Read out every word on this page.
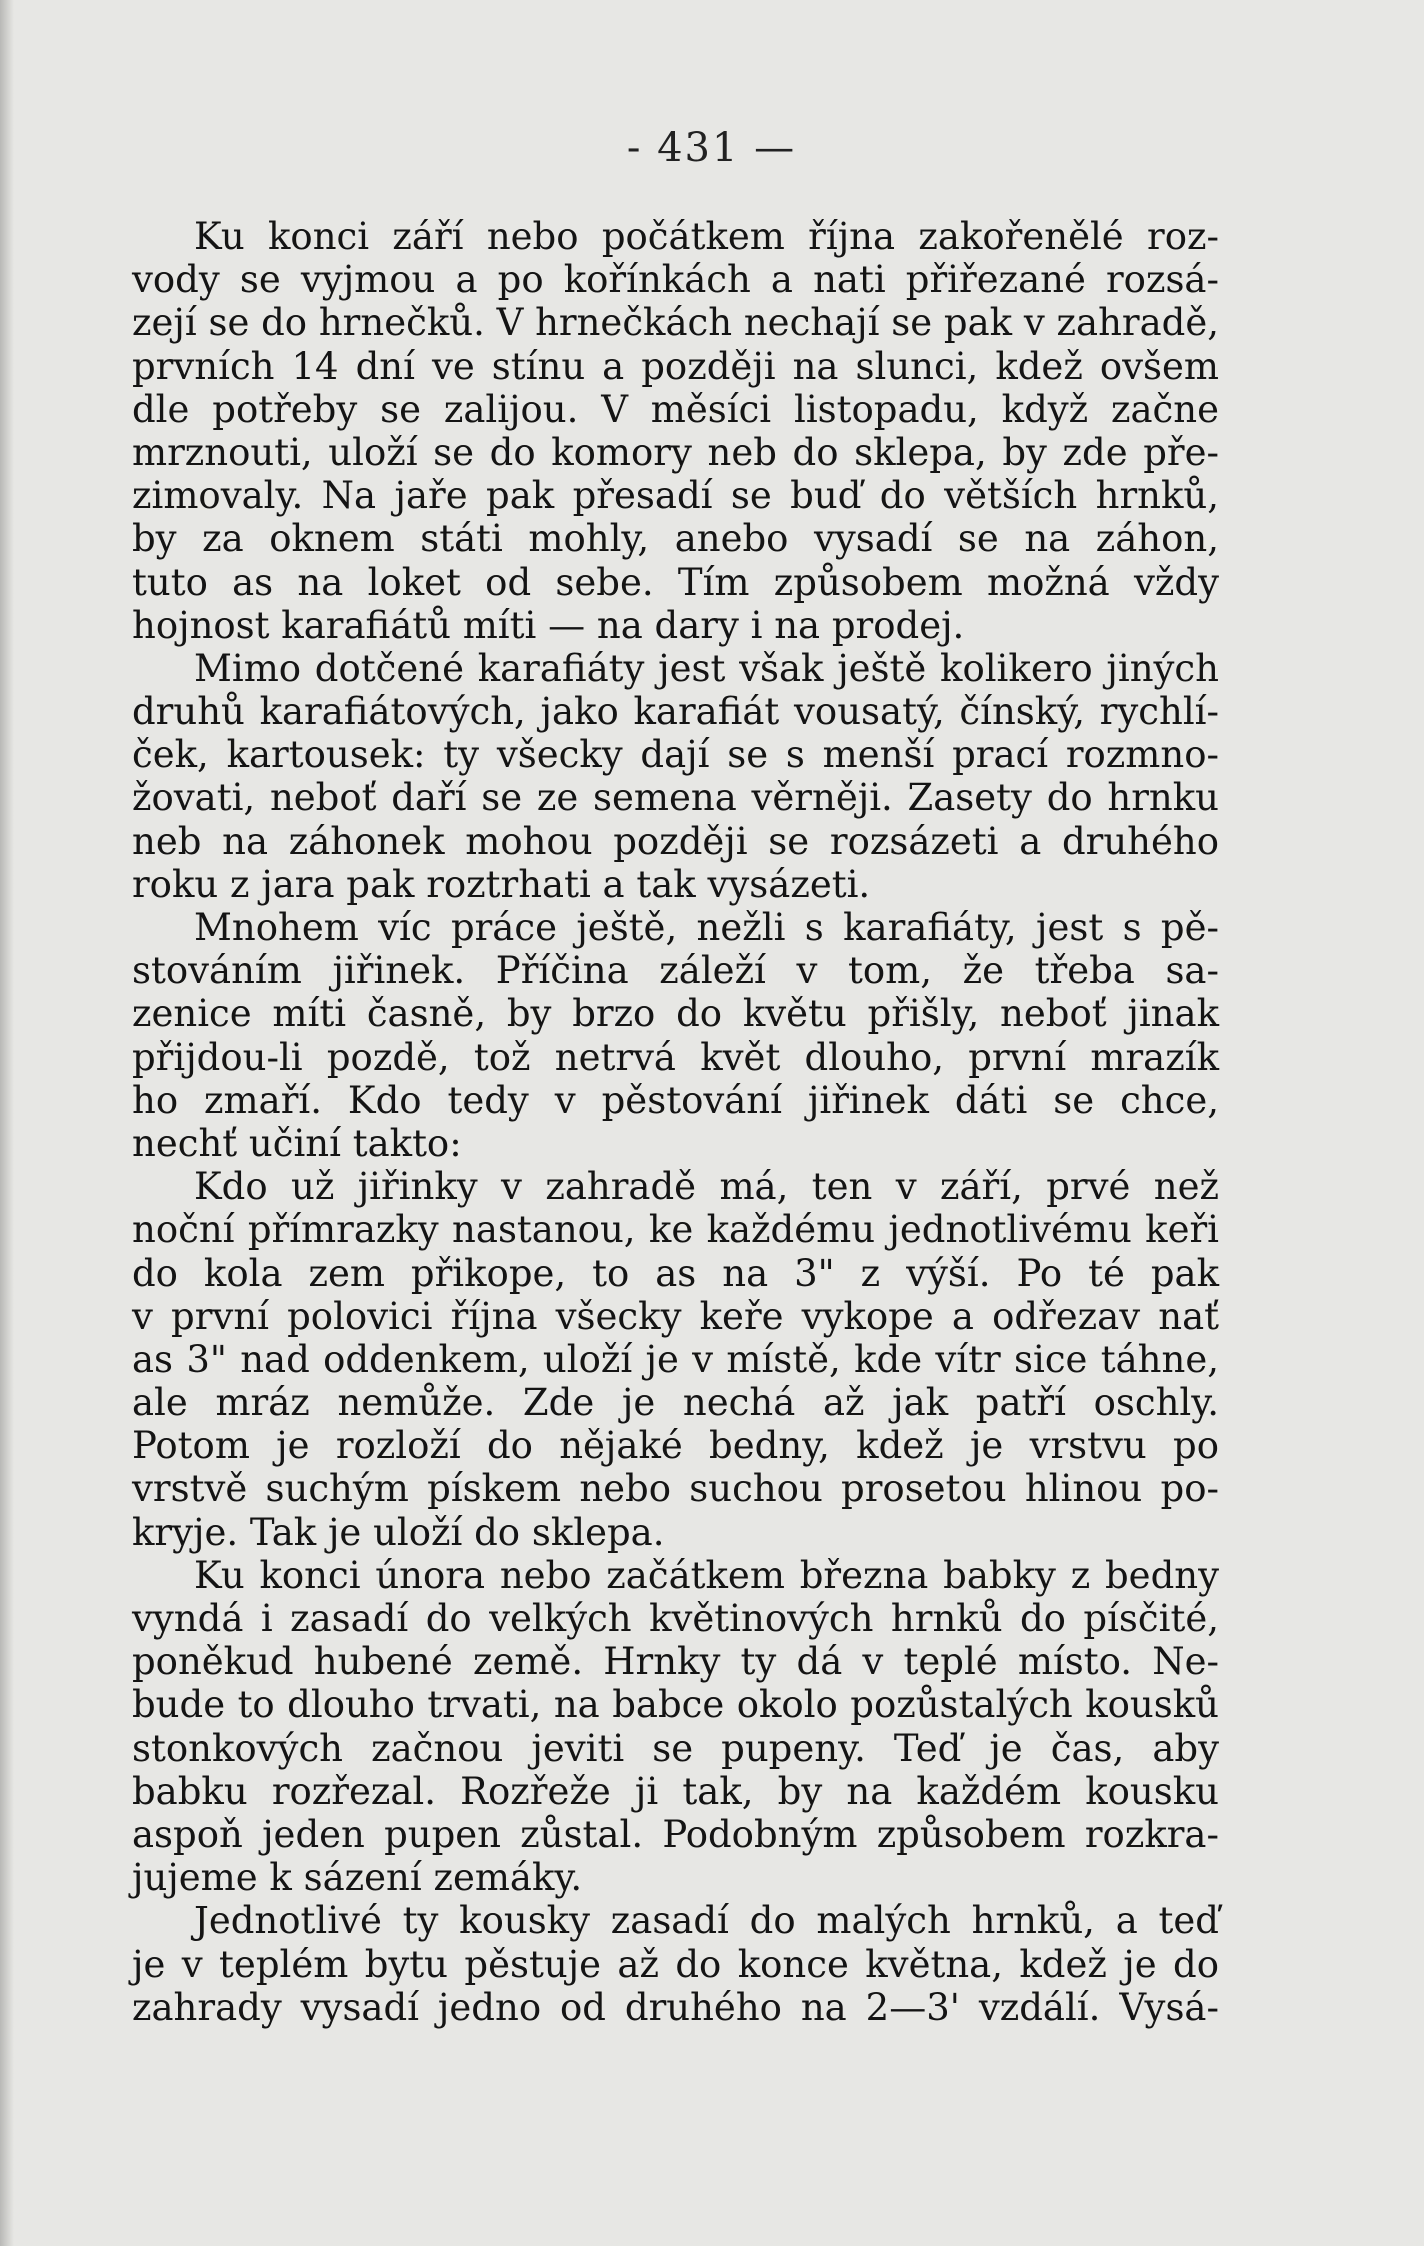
- 431 —
Ku konci září nebo počátkem října zakořenělé roz-
vody se vyjmou a po kořínkách a nati přiřezané rozsá-
zejí se do hrnečků. V hrnečkách nechají se pak v zahradě,
prvních 14 dní ve stínu a později na slunci, kdež ovšem
dle potřeby se zalijou. V měsíci listopadu, když začne
mrznouti, uloží se do komory neb do sklepa, by zde pře-
zimovaly. Na jaře pak přesadí se buď do větších hrnků,
by za oknem státi mohly, anebo vysadí se na záhon,
tuto as na loket od sebe. Tím způsobem možná vždy
hojnost karafiátů míti — na dary i na prodej.
Mimo dotčené karafiáty jest však ještě kolikero jiných
druhů karafiátových, jako karafiát vousatý, čínský, rychlí-
ček, kartousek: ty všecky dají se s menší prací rozmno-
žovati, neboť daří se ze semena věrněji. Zasety do hrnku
neb na záhonek mohou později se rozsázeti a druhého
roku z jara pak roztrhati a tak vysázeti.
Mnohem víc práce ještě, nežli s karafiáty, jest s pě-
stováním jiřinek. Příčina záleží v tom, že třeba sa-
zenice míti časně, by brzo do květu přišly, neboť jinak
přijdou-li pozdě, tož netrvá květ dlouho, první mrazík
ho zmaří. Kdo tedy v pěstování jiřinek dáti se chce,
nechť učiní takto:
Kdo už jiřinky v zahradě má, ten v září, prvé než
noční přímrazky nastanou, ke každému jednotlivému keři
do kola zem přikope, to as na 3" z výší. Po té pak
v první polovici října všecky keře vykope a odřezav nať
as 3" nad oddenkem, uloží je v místě, kde vítr sice táhne,
ale mráz nemůže. Zde je nechá až jak patří oschly.
Potom je rozloží do nějaké bedny, kdež je vrstvu po
vrstvě suchým pískem nebo suchou prosetou hlinou po-
kryje. Tak je uloží do sklepa.
Ku konci února nebo začátkem března babky z bedny
vyndá i zasadí do velkých květinových hrnků do písčité,
poněkud hubené země. Hrnky ty dá v teplé místo. Ne-
bude to dlouho trvati, na babce okolo pozůstalých kousků
stonkových začnou jeviti se pupeny. Teď je čas, aby
babku rozřezal. Rozřeže ji tak, by na každém kousku
aspoň jeden pupen zůstal. Podobným způsobem rozkra-
jujeme k sázení zemáky.
Jednotlivé ty kousky zasadí do malých hrnků, a teď
je v teplém bytu pěstuje až do konce května, kdež je do
zahrady vysadí jedno od druhého na 2—3' vzdálí. Vysá-
